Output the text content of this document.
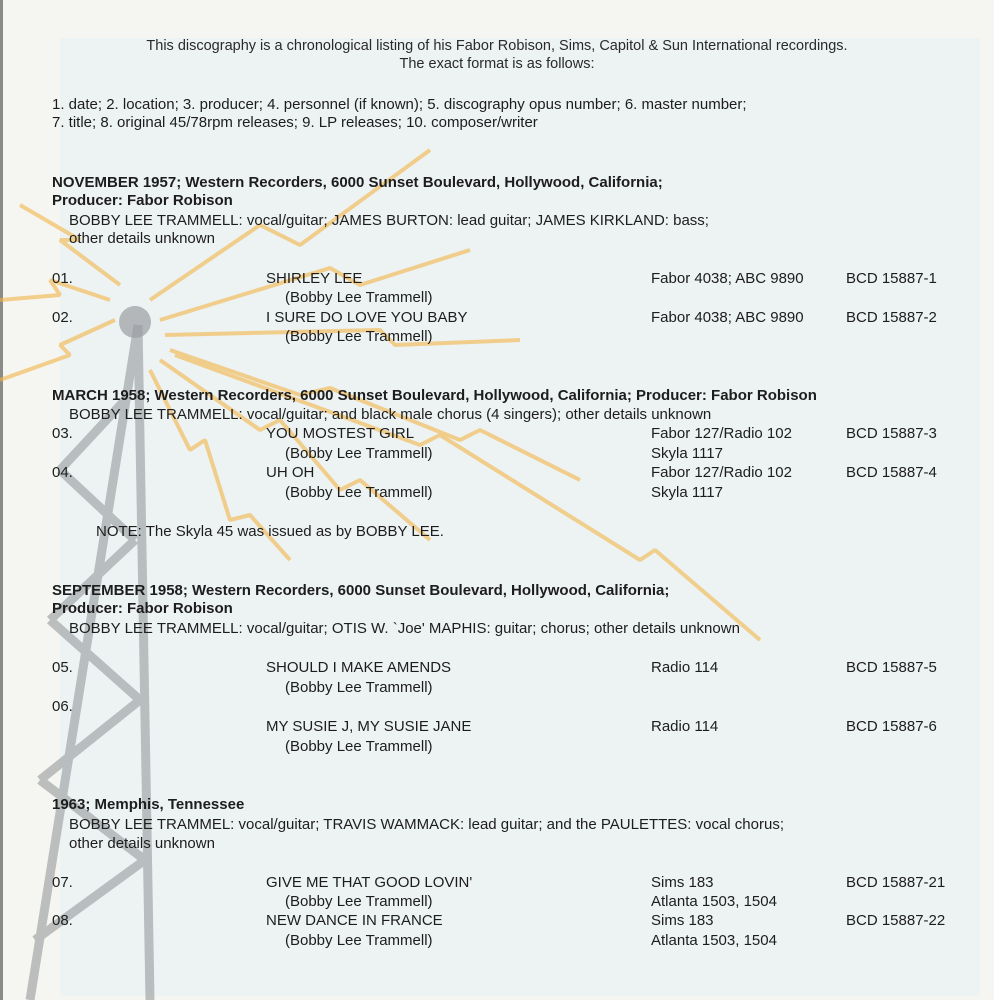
This discography is a chronological listing of his Fabor Robison, Sims, Capitol & Sun International recordings.
The exact format is as follows:
1. date; 2. location; 3. producer; 4. personnel (if known); 5. discography opus number; 6. master number;
7. title; 8. original 45/78rpm releases; 9. LP releases; 10. composer/writer
NOVEMBER 1957; Western Recorders, 6000 Sunset Boulevard, Hollywood, California;
Producer: Fabor Robison
BOBBY LEE TRAMMELL: vocal/guitar; JAMES BURTON: lead guitar; JAMES KIRKLAND: bass;
other details unknown
01.	SHIRLEY LEE
(Bobby Lee Trammell)
Fabor 4038; ABC 9890	BCD 15887-1
02.	I SURE DO LOVE YOU BABY
(Bobby Lee Trammell)
Fabor 4038; ABC 9890	BCD 15887-2
MARCH 1958; Western Recorders, 6000 Sunset Boulevard, Hollywood, California; Producer: Fabor Robison
BOBBY LEE TRAMMELL: vocal/guitar; and black male chorus (4 singers); other details unknown
03.	YOU MOSTEST GIRL
(Bobby Lee Trammell)
Fabor 127/Radio 102
Skyla 1117
BCD 15887-3
04.	UH OH
(Bobby Lee Trammell)
Fabor 127/Radio 102
Skyla 1117
BCD 15887-4
NOTE: The Skyla 45 was issued as by BOBBY LEE.
SEPTEMBER 1958; Western Recorders, 6000 Sunset Boulevard, Hollywood, California;
Producer: Fabor Robison
BOBBY LEE TRAMMELL: vocal/guitar; OTIS W. `Joe' MAPHIS: guitar; chorus; other details unknown
05.	SHOULD I MAKE AMENDS
(Bobby Lee Trammell)
Radio 114	BCD 15887-5
06.
MY SUSIE J, MY SUSIE JANE
(Bobby Lee Trammell)
Radio 114	BCD 15887-6
1963; Memphis, Tennessee
BOBBY LEE TRAMMEL: vocal/guitar; TRAVIS WAMMACK: lead guitar; and the PAULETTES: vocal chorus;
other details unknown
07.	GIVE ME THAT GOOD LOVIN'
(Bobby Lee Trammell)
Sims 183
Atlanta 1503, 1504
BCD 15887-21
08.	NEW DANCE IN FRANCE
(Bobby Lee Trammell)
Sims 183
Atlanta 1503, 1504
BCD 15887-22
